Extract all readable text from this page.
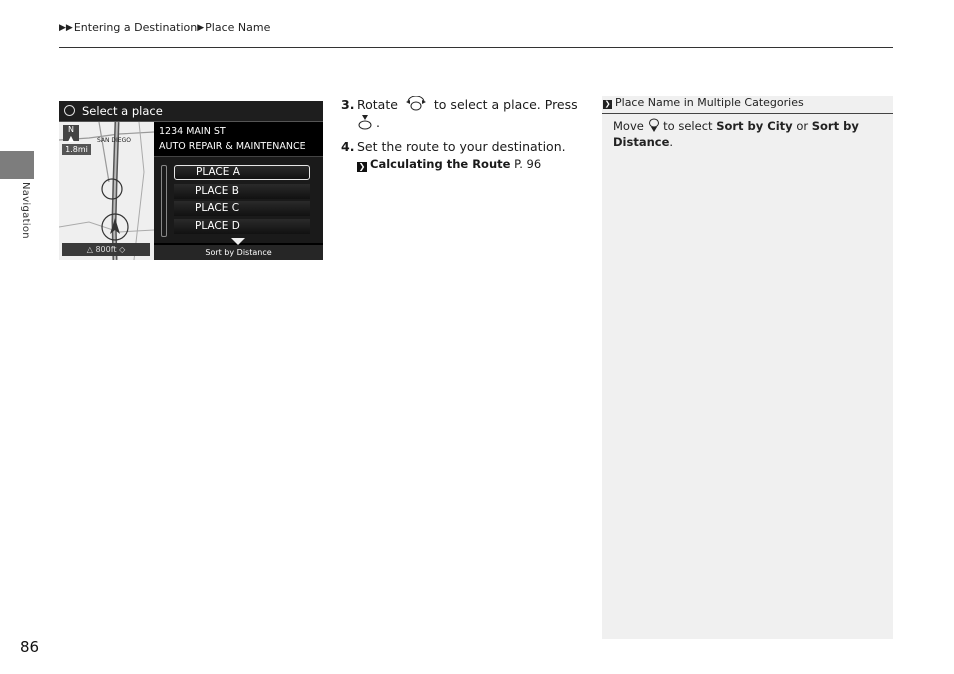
▶▶ Entering a Destination ▶ Place Name
Navigation
86
Select a place
SAN DIEGO
N
▲
1.8mi
△ 800ft ◇
1234 MAIN ST
AUTO REPAIR & MAINTENANCE
PLACE A
PLACE B
PLACE C
PLACE D
Sort by Distance
3. Rotate	to select a place. Press
.
4. Set the route to your destination.
❯ Calculating the Route P. 96
❯ Place Name in Multiple Categories
Move to select Sort by City or Sort by Distance.
